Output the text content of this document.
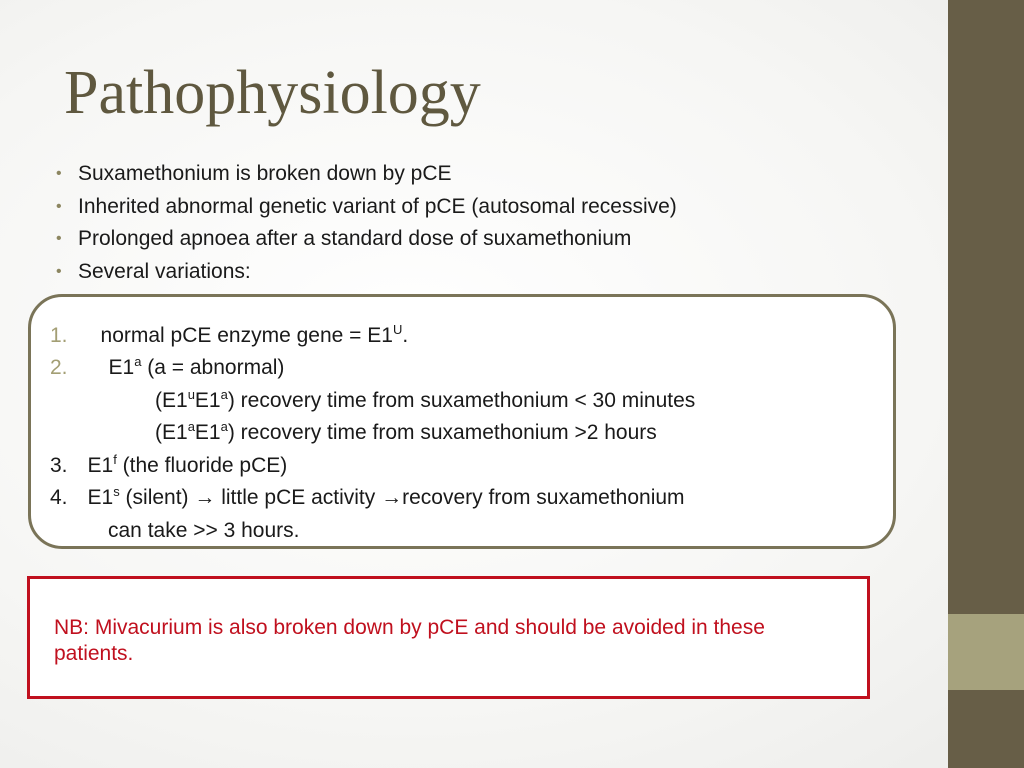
Pathophysiology
• Suxamethonium is broken down by pCE
• Inherited abnormal genetic variant of pCE (autosomal recessive)
• Prolonged apnoea after a standard dose of suxamethonium
• Several variations:
1. normal pCE enzyme gene = $E1^U$.
2. E1$^a$ (a = abnormal)
(E1$^u$E1$^a$) recovery time from suxamethonium < 30 minutes
(E1$^a$E1$^a$) recovery time from suxamethonium >2 hours
3. E1$^f$ (the fluoride pCE)
4. E1$^s$ (silent) → little pCE activity →recovery from suxamethonium
can take >> 3 hours.
NB: Mivacurium is also broken down by pCE and should be avoided in these patients.
